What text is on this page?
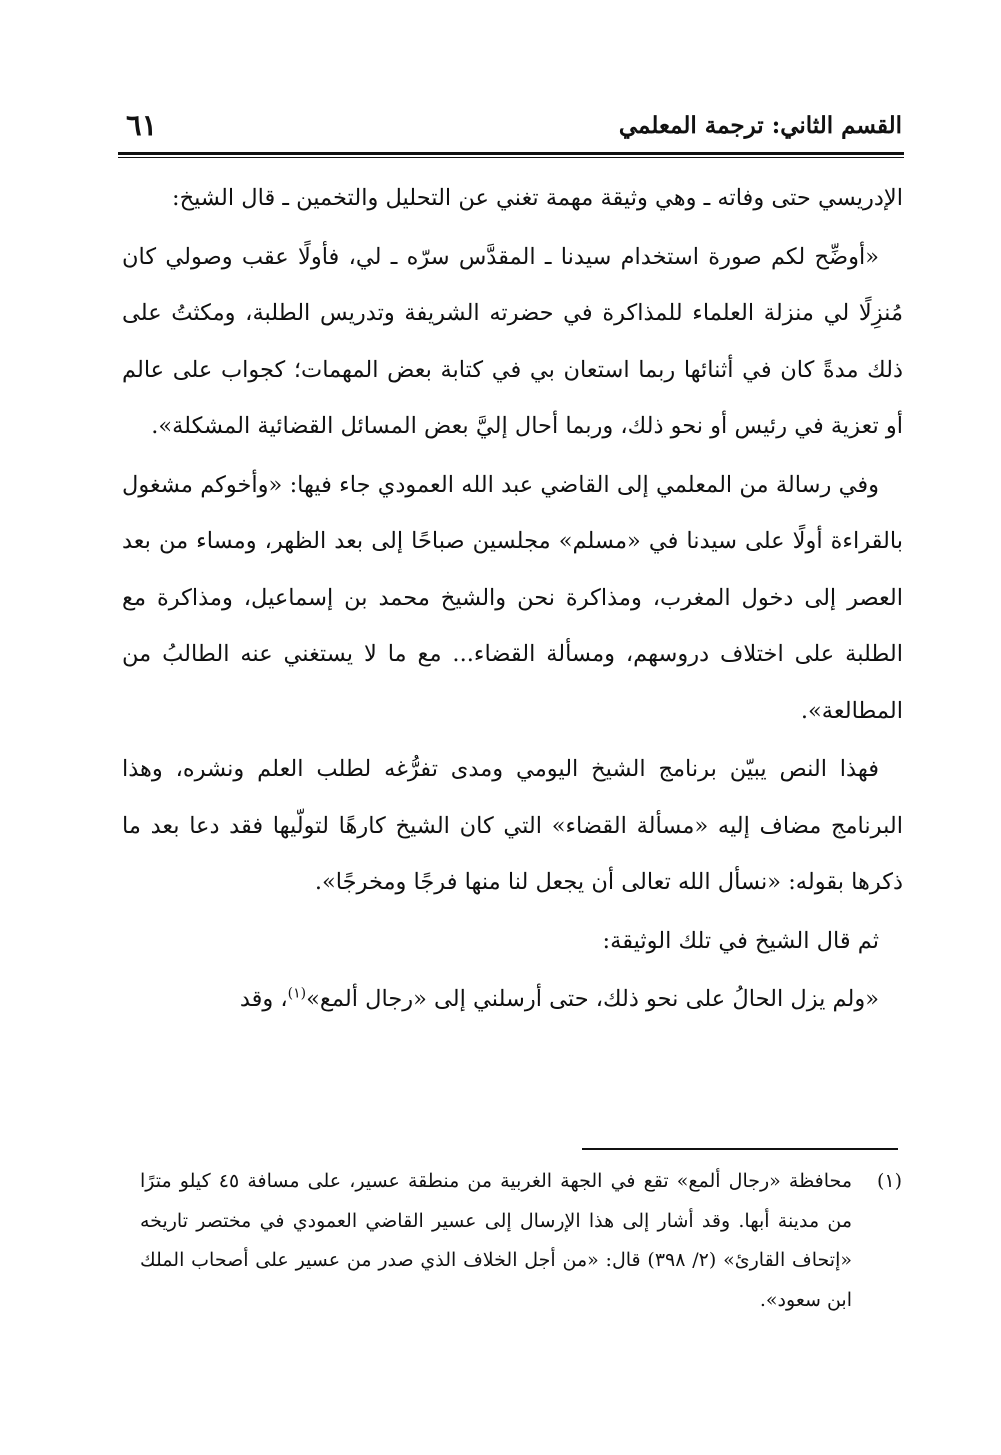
القسم الثاني: ترجمة المعلمي
٦١

الإدريسي حتى وفاته ـ وهي وثيقة مهمة تغني عن التحليل والتخمين ـ قال الشيخ:

«أوضِّح لكم صورة استخدام سيدنا ـ المقدَّس سرّه ـ لي، فأولًا عقب وصولي كان مُنزِلًا لي منزلة العلماء للمذاكرة في حضرته الشريفة وتدريس الطلبة، ومكثتُ على ذلك مدةً كان في أثنائها ربما استعان بي في كتابة بعض المهمات؛ كجواب على عالم أو تعزية في رئيس أو نحو ذلك، وربما أحال إليَّ بعض المسائل القضائية المشكلة».

وفي رسالة من المعلمي إلى القاضي عبد الله العمودي جاء فيها: «وأخوكم مشغول بالقراءة أولًا على سيدنا في «مسلم» مجلسين صباحًا إلى بعد الظهر، ومساء من بعد العصر إلى دخول المغرب، ومذاكرة نحن والشيخ محمد بن إسماعيل، ومذاكرة مع الطلبة على اختلاف دروسهم، ومسألة القضاء... مع ما لا يستغني عنه الطالبُ من المطالعة».

فهذا النص يبيّن برنامج الشيخ اليومي ومدى تفرُّغه لطلب العلم ونشره، وهذا البرنامج مضاف إليه «مسألة القضاء» التي كان الشيخ كارهًا لتولّيها فقد دعا بعد ما ذكرها بقوله: «نسأل الله تعالى أن يجعل لنا منها فرجًا ومخرجًا».

ثم قال الشيخ في تلك الوثيقة:

«ولم يزل الحالُ على نحو ذلك، حتى أرسلني إلى «رجال ألمع»$^{(١)}$، وقد

(١)
محافظة «رجال ألمع» تقع في الجهة الغربية من منطقة عسير، على مسافة ٤٥ كيلو مترًا من مدينة أبها. وقد أشار إلى هذا الإرسال إلى عسير القاضي العمودي في مختصر تاريخه «إتحاف القارئ» (٢/ ٣٩٨) قال: «من أجل الخلاف الذي صدر من عسير على أصحاب الملك ابن سعود».
